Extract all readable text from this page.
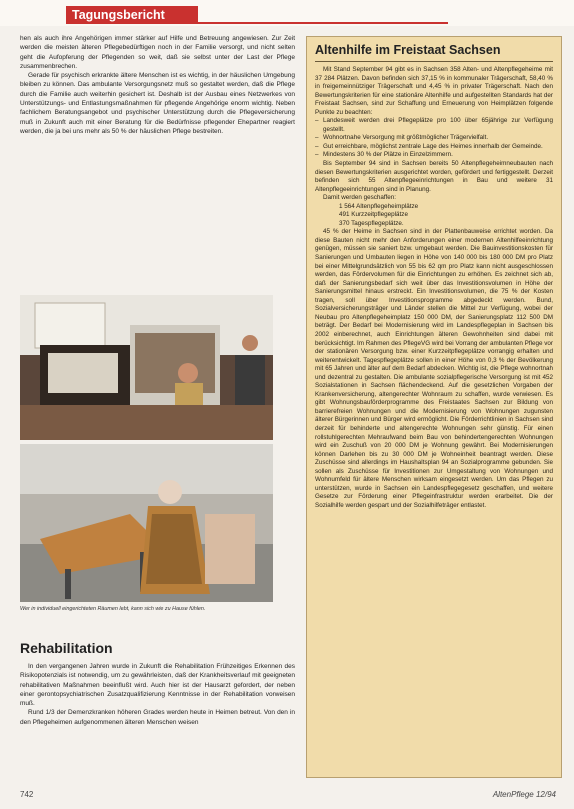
Tagungsbericht

hen als auch ihre Angehörigen immer stärker auf Hilfe und Betreuung angewiesen. Zur Zeit werden die meisten älteren Pflegebedürftigen noch in der Familie versorgt, und nicht selten geht die Aufopferung der Pflegenden so weit, daß sie selbst unter der Last der Pflege zusammenbrechen.

Gerade für psychisch erkrankte ältere Menschen ist es wichtig, in der häuslichen Umgebung bleiben zu können. Das ambulante Versorgungsnetz muß so gestaltet werden, daß die Pflege durch die Familie auch weiterhin gesichert ist. Deshalb ist der Ausbau eines Netzwerkes von Unterstützungs- und Entlastungsmaßnahmen für pflegende Angehörige enorm wichtig. Neben fachlichem Beratungsangebot und psychischer Unterstützung durch die Pflegeversicherung muß in Zukunft auch mit einer Beratung für die Bedürfnisse pflegender Ehepartner reagiert werden, die ja bei uns mehr als 50 % der häuslichen Pflege bestreiten.

Wer in individuell eingerichteten Räumen lebt, kann sich wie zu Hause fühlen.
Rehabilitation

In den vergangenen Jahren wurde in Zukunft die Rehabilitation Frühzeitiges Erkennen des Risikopotenzials ist notwendig, um zu gewährleisten, daß der Krankheitsverlauf mit geeigneten rehabilitativen Maßnahmen beeinflußt wird. Auch hier ist der Hausarzt gefordert, der neben einer gerontopsychiatrischen Zusatzqualifizierung Kenntnisse in der Rehabilitation vorweisen muß.

Rund 1/3 der Demenzkranken höheren Grades werden heute in Heimen betreut. Von den in den Pflegeheimen aufgenommenen älteren Menschen weisen

Altenhilfe im Freistaat Sachsen

Mit Stand September 94 gibt es in Sachsen 358 Alten- und Altenpflegeheime mit 37 284 Plätzen. Davon befinden sich 37,15 % in kommunaler Trägerschaft, 58,40 % in freigemeinnütziger Trägerschaft und 4,45 % in privater Trägerschaft. Nach den Bewertungskriterien für eine stationäre Altenhilfe und aufgestellten Standards hat der Freistaat Sachsen, sind zur Schaffung und Erneuerung von Heimplätzen folgende Punkte zu beachten:

– Landesweit werden drei Pflegeplätze pro 100 über 65jährige zur Verfügung gestellt.
– Wohnortnahe Versorgung mit größtmöglicher Trägervielfalt.
– Gut erreichbare, möglichst zentrale Lage des Heimes innerhalb der Gemeinde.
– Mindestens 30 % der Plätze in Einzelzimmern.

Bis September 94 sind in Sachsen bereits 50 Altenpflegeheimneubauten nach diesen Bewertungskriterien ausgerichtet worden, gefördert und fertiggestellt. Derzeit befinden sich 55 Altenpflegeeinrichtungen in Bau und weitere 31 Altenpflegeeinrichtungen sind in Planung.

Damit werden geschaffen:

1 564 Altenpflegeheimplätze
491 Kurzzeitpflegeplätze
370 Tagespflegeplätze.

45 % der Heime in Sachsen sind in der Plattenbauweise errichtet worden. Da diese Bauten nicht mehr den Anforderungen einer modernen Altenhilfeeinrichtung genügen, müssen sie saniert bzw. umgebaut werden. Die Bauinvestitionskosten für Sanierungen und Umbauten liegen in Höhe von 140 000 bis 180 000 DM pro Platz bei einer Mittelgrundsätzlich von 55 bis 62 qm pro Platz kann nicht ausgeschlossen werden, das Fördervolumen für die Einrichtungen zu erhöhen. Es zeichnet sich ab, daß der Sanierungsbedarf sich weit über das Investitionsvolumen in Höhe der Sanierungsmittel hinaus erstreckt. Ein Investitionsvolumen, die 75 % der Kosten tragen, soll über Investitionsprogramme abgedeckt werden. Bund, Sozialversicherungsträger und Länder stellen die Mittel zur Verfügung, wobei der Neubau pro Altenpflegeheimplatz 150 000 DM, der Sanierungsplatz 112 500 DM beträgt. Der Bedarf bei Modernisierung wird im Landespflegeplan in Sachsen bis 2002 einberechnet, auch Einrichtungen älteren Gewohnheiten sind dabei mit berücksichtigt. Im Rahmen des PflegeVG wird bei Vorrang der ambulanten Pflege vor der stationären Versorgung bzw. einer Kurzzeitpflegeplätze vorrangig erhalten und weiterentwickelt. Tagespflegeplätze sollen in einer Höhe von 0,3 % der Bevölkerung mit 65 Jahren und älter auf dem Bedarf abdecken. Wichtig ist, die Pflege wohnortnah und dezentral zu gestalten. Die ambulante sozialpflegerische Versorgung ist mit 452 Sozialstationen in Sachsen flächendeckend. Auf die gesetzlichen Vorgaben der Krankenversicherung, altengerechter Wohnraum zu schaffen, wurde verwiesen. Es gibt Wohnungsbauförderprogramme des Freistaates Sachsen zur Bildung von barrierefreien Wohnungen und die Modernisierung von Wohnungen zugunsten älterer Bürgerinnen und Bürger wird ermöglicht. Die Förderrichtlinien in Sachsen sind derzeit für behinderte und altengerechte Wohnungen sehr günstig. Für einen rollstuhlgerechten Mehraufwand beim Bau von behindertengerechten Wohnungen wird ein Zuschuß von 20 000 DM je Wohnung gewährt. Bei Modernisierungen können Darlehen bis zu 30 000 DM je Wohneinheit beantragt werden. Diese Zuschüsse sind allerdings im Haushaltsplan 94 an Sozialprogramme gebunden. Sie sollen als Zuschüsse für Investitionen zur Umgestaltung von Wohnungen und Wohnumfeld für ältere Menschen wirksam eingesetzt werden. Um das Pflegen zu unterstützen, wurde in Sachsen ein Landespflegegesetz geschaffen, und weitere Gesetze zur Förderung einer Pflegeinfrastruktur werden erarbeitet. Die der Sozialhilfe werden gespart und der Sozialhilfeträger entlastet.

742	AltenPflege 12/94
